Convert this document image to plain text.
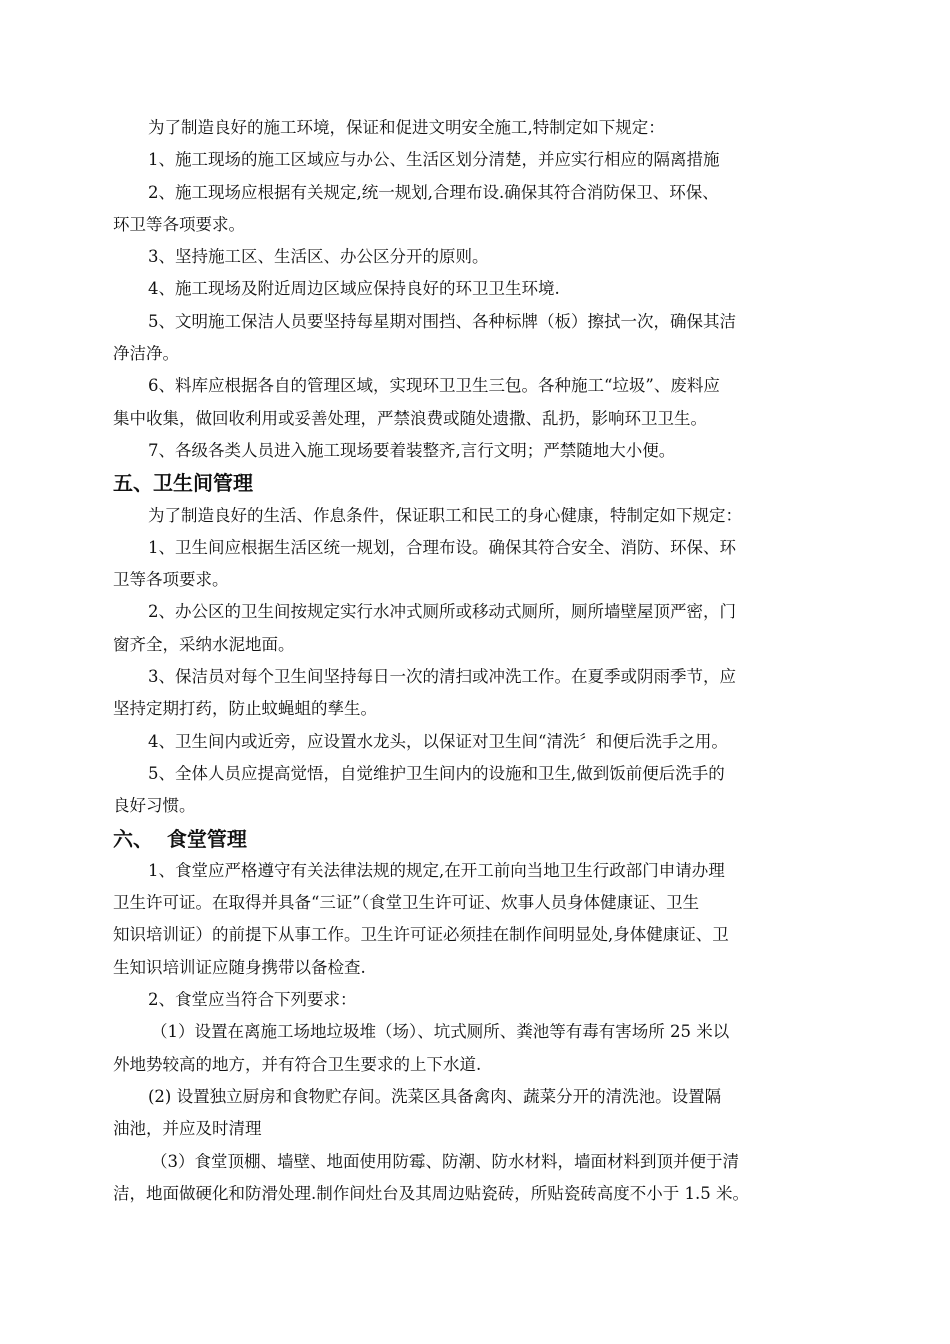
为了制造良好的施工环境，保证和促进文明安全施工,特制定如下规定：
1、施工现场的施工区域应与办公、生活区划分清楚，并应实行相应的隔离措施
2、施工现场应根据有关规定,统一规划,合理布设.确保其符合消防保卫、环保、
环卫等各项要求。
3、坚持施工区、生活区、办公区分开的原则。
4、施工现场及附近周边区域应保持良好的环卫卫生环境.
5、文明施工保洁人员要坚持每星期对围挡、各种标牌（板）擦拭一次，确保其洁
净洁净。
6、料库应根据各自的管理区域，实现环卫卫生三包。各种施工“垃圾”、废料应
集中收集，做回收利用或妥善处理，严禁浪费或随处遗撒、乱扔，影响环卫卫生。
7、各级各类人员进入施工现场要着装整齐,言行文明；严禁随地大小便。
五、卫生间管理
为了制造良好的生活、作息条件，保证职工和民工的身心健康，特制定如下规定：
1、卫生间应根据生活区统一规划，合理布设。确保其符合安全、消防、环保、环
卫等各项要求。
2、办公区的卫生间按规定实行水冲式厕所或移动式厕所，厕所墙壁屋顶严密，门
窗齐全，采纳水泥地面。
3、保洁员对每个卫生间坚持每日一次的清扫或冲洗工作。在夏季或阴雨季节，应
坚持定期打药，防止蚊蝇蛆的孳生。
4、卫生间内或近旁，应设置水龙头，以保证对卫生间“清洗〞和便后洗手之用。
5、全体人员应提高觉悟，自觉维护卫生间内的设施和卫生,做到饭前便后洗手的
良好习惯。
六、  食堂管理
1、食堂应严格遵守有关法律法规的规定,在开工前向当地卫生行政部门申请办理
卫生许可证。在取得并具备“三证”（食堂卫生许可证、炊事人员身体健康证、卫生
知识培训证）的前提下从事工作。卫生许可证必须挂在制作间明显处,身体健康证、卫
生知识培训证应随身携带以备检查.
2、食堂应当符合下列要求：
（1）设置在离施工场地垃圾堆（场）、坑式厕所、粪池等有毒有害场所 25 米以
外地势较高的地方，并有符合卫生要求的上下水道.
(2) 设置独立厨房和食物贮存间。洗菜区具备禽肉、蔬菜分开的清洗池。设置隔
油池，并应及时清理
（3）食堂顶棚、墙壁、地面使用防霉、防潮、防水材料，墙面材料到顶并便于清
洁，地面做硬化和防滑处理.制作间灶台及其周边贴瓷砖，所贴瓷砖高度不小于 1.5 米。
